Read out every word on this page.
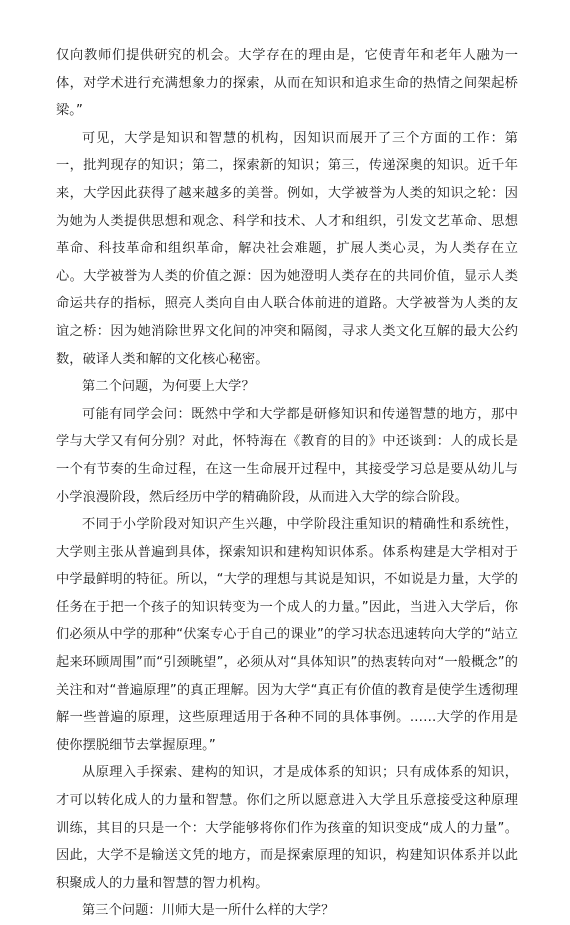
仅向教师们提供研究的机会。大学存在的理由是，它使青年和老年人融为一体，对学术进行充满想象力的探索，从而在知识和追求生命的热情之间架起桥梁。”

可见，大学是知识和智慧的机构，因知识而展开了三个方面的工作：第一，批判现存的知识；第二，探索新的知识；第三，传递深奥的知识。近千年来，大学因此获得了越来越多的美誉。例如，大学被誉为人类的知识之轮：因为她为人类提供思想和观念、科学和技术、人才和组织，引发文艺革命、思想革命、科技革命和组织革命，解决社会难题，扩展人类心灵，为人类存在立心。大学被誉为人类的价值之源：因为她澄明人类存在的共同价值，显示人类命运共存的指标，照亮人类向自由人联合体前进的道路。大学被誉为人类的友谊之桥：因为她消除世界文化间的冲突和隔阂，寻求人类文化互解的最大公约数，破译人类和解的文化核心秘密。

第二个问题，为何要上大学？

可能有同学会问：既然中学和大学都是研修知识和传递智慧的地方，那中学与大学又有何分别？对此，怀特海在《教育的目的》中还谈到：人的成长是一个有节奏的生命过程，在这一生命展开过程中，其接受学习总是要从幼儿与小学浪漫阶段，然后经历中学的精确阶段，从而进入大学的综合阶段。

不同于小学阶段对知识产生兴趣，中学阶段注重知识的精确性和系统性，大学则主张从普遍到具体，探索知识和建构知识体系。体系构建是大学相对于中学最鲜明的特征。所以，“大学的理想与其说是知识，不如说是力量，大学的任务在于把一个孩子的知识转变为一个成人的力量。”因此，当进入大学后，你们必须从中学的那种“伏案专心于自己的课业”的学习状态迅速转向大学的“站立起来环顾周围”而“引颈眺望”，必须从对“具体知识”的热衷转向对“一般概念”的关注和对“普遍原理”的真正理解。因为大学“真正有价值的教育是使学生透彻理解一些普遍的原理，这些原理适用于各种不同的具体事例。……大学的作用是使你摆脱细节去掌握原理。”

从原理入手探索、建构的知识，才是成体系的知识；只有成体系的知识，才可以转化成人的力量和智慧。你们之所以愿意进入大学且乐意接受这种原理训练，其目的只是一个：大学能够将你们作为孩童的知识变成“成人的力量”。因此，大学不是输送文凭的地方，而是探索原理的知识，构建知识体系并以此积聚成人的力量和智慧的智力机构。

第三个问题：川师大是一所什么样的大学？
